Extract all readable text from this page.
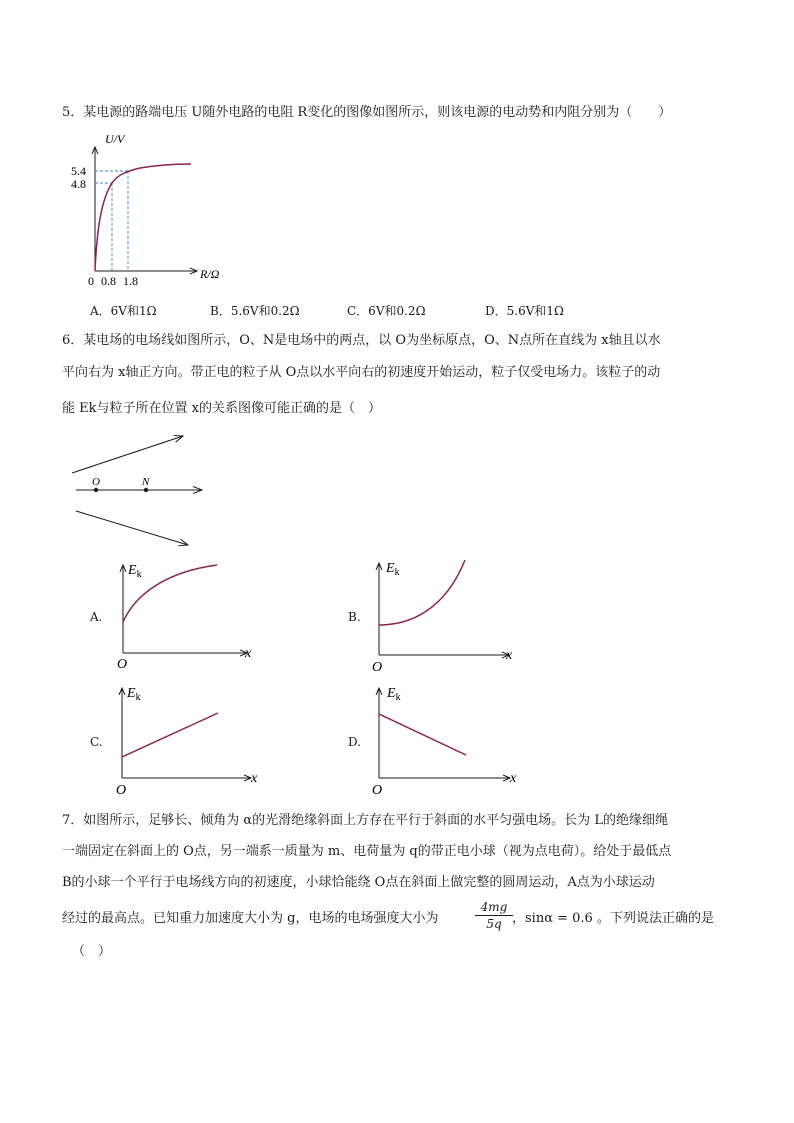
5．某电源的路端电压 U随外电路的电阻 R变化的图像如图所示，则该电源的电动势和内阻分别为（　　）
U/V
5.4
4.8
0 0.8 1.8	R/Ω
A．6V和1Ω	B．5.6V和0.2Ω	C．6V和0.2Ω	D．5.6V和1Ω
6．某电场的电场线如图所示，O、N是电场中的两点，以 O为坐标原点，O、N点所在直线为 x轴且以水
平向右为 x轴正方向。带正电的粒子从 O点以水平向右的初速度开始运动，粒子仅受电场力。该粒子的动
能 Ek与粒子所在位置 x的关系图像可能正确的是（　）
O	N
A.
$E_k$
O
x
B.
$E_k$
O
x
C.
$E_k$
O
x
D.
$E_k$
O
x
7．如图所示，足够长、倾角为 α的光滑绝缘斜面上方存在平行于斜面的水平匀强电场。长为 L的绝缘细绳
一端固定在斜面上的 O点，另一端系一质量为 m、电荷量为 q的带正电小球（视为点电荷）。给处于最低点
B的小球一个平行于电场线方向的初速度，小球恰能绕 O点在斜面上做完整的圆周运动，A点为小球运动
经过的最高点。已知重力加速度大小为 g，电场的电场强度大小为	$\frac{4mg}{5q}$ ，sinα = 0.6 。下列说法正确的是
（　）
